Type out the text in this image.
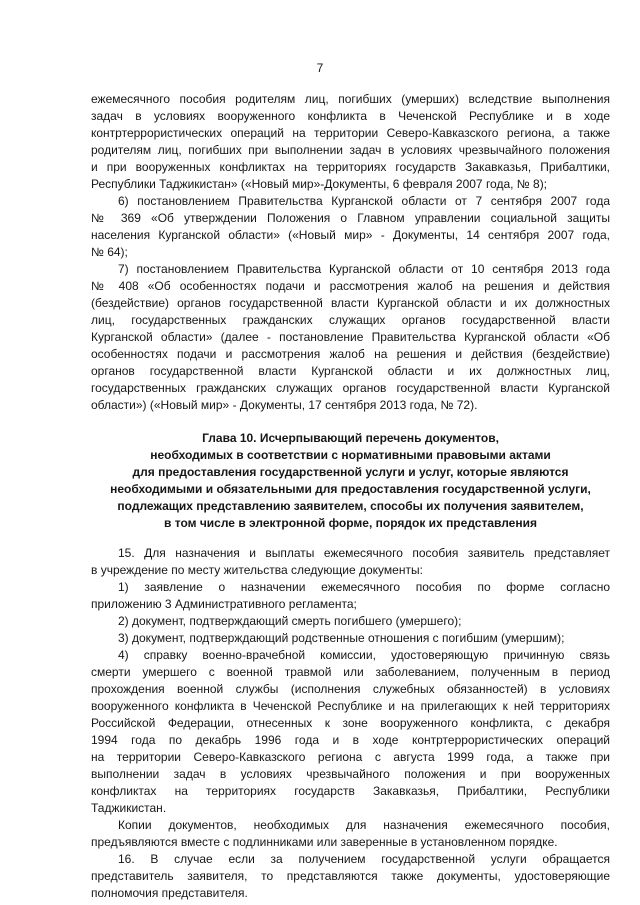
7

ежемесячного пособия родителям лиц, погибших (умерших) вследствие выполнения

задач в условиях вооруженного конфликта в Чеченской Республике и в ходе

контртеррористических операций на территории Северо-Кавказского региона, а также

родителям лиц, погибших при выполнении задач в условиях чрезвычайного положения

и при вооруженных конфликтах на территориях государств Закавказья, Прибалтики,

Республики Таджикистан» («Новый мир»-Документы, 6 февраля 2007 года, № 8);

6) постановлением Правительства Курганской области от 7 сентября 2007 года

№ 369 «Об утверждении Положения о Главном управлении социальной защиты

населения Курганской области» («Новый мир» - Документы, 14 сентября 2007 года,

№ 64);

7) постановлением Правительства Курганской области от 10 сентября 2013 года

№ 408 «Об особенностях подачи и рассмотрения жалоб на решения и действия

(бездействие) органов государственной власти Курганской области и их должностных

лиц, государственных гражданских служащих органов государственной власти

Курганской области» (далее - постановление Правительства Курганской области «Об

особенностях подачи и рассмотрения жалоб на решения и действия (бездействие)

органов государственной власти Курганской области и их должностных лиц,

государственных гражданских служащих органов государственной власти Курганской

области») («Новый мир» - Документы, 17 сентября 2013 года, № 72).

Глава 10. Исчерпывающий перечень документов,

необходимых в соответствии с нормативными правовыми актами

для предоставления государственной услуги и услуг, которые являются

необходимыми и обязательными для предоставления государственной услуги,

подлежащих представлению заявителем, способы их получения заявителем,

в том числе в электронной форме, порядок их представления

15. Для назначения и выплаты ежемесячного пособия заявитель представляет

в учреждение по месту жительства следующие документы:

1) заявление о назначении ежемесячного пособия по форме согласно

приложению 3 Административного регламента;

2) документ, подтверждающий смерть погибшего (умершего);

3) документ, подтверждающий родственные отношения с погибшим (умершим);

4) справку военно-врачебной комиссии, удостоверяющую причинную связь

смерти умершего с военной травмой или заболеванием, полученным в период

прохождения военной службы (исполнения служебных обязанностей) в условиях

вооруженного конфликта в Чеченской Республике и на прилегающих к ней территориях

Российской Федерации, отнесенных к зоне вооруженного конфликта, с декабря

1994 года по декабрь 1996 года и в ходе контртеррористических операций

на территории Северо-Кавказского региона с августа 1999 года, а также при

выполнении задач в условиях чрезвычайного положения и при вооруженных

конфликтах на территориях государств Закавказья, Прибалтики, Республики

Таджикистан.

Копии документов, необходимых для назначения ежемесячного пособия,

предъявляются вместе с подлинниками или заверенные в установленном порядке.

16. В случае если за получением государственной услуги обращается

представитель заявителя, то представляются также документы, удостоверяющие

полномочия представителя.
